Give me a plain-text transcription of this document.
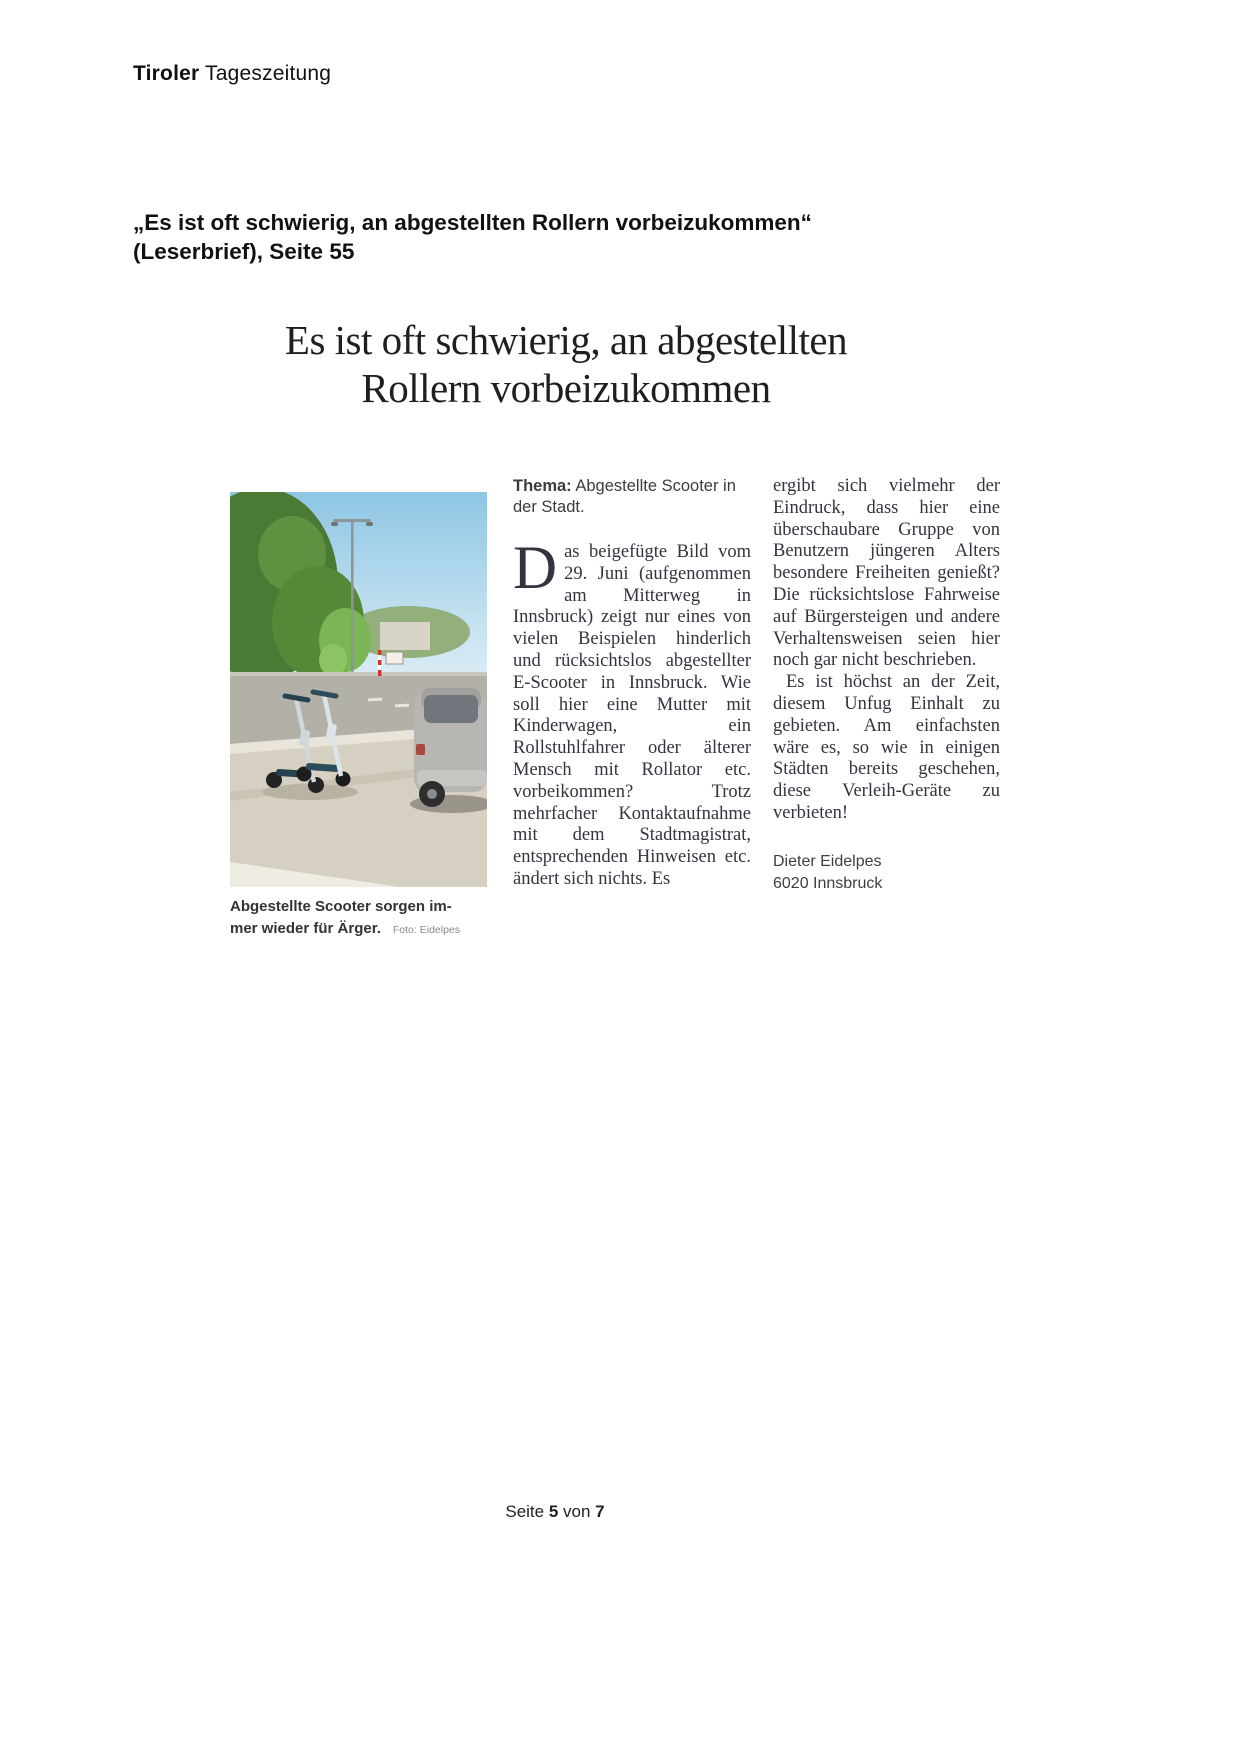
Tiroler Tageszeitung
„Es ist oft schwierig, an abgestellten Rollern vorbeizukommen“
(Leserbrief), Seite 55
Es ist oft schwierig, an abgestellten
Rollern vorbeizukommen
Abgestellte Scooter sorgen im-
mer wieder für Ärger. Foto: Eidelpes
Thema: Abgestellte Scooter in der Stadt.

Das beigefügte Bild vom 29. Juni (aufgenommen am Mitterweg in Innsbruck) zeigt nur eines von vielen Beispielen hinderlich und rücksichtslos abgestellter E-Scooter in Innsbruck. Wie soll hier eine Mutter mit Kinderwagen, ein Rollstuhlfahrer oder älterer Mensch mit Rollator etc. vorbeikommen? Trotz mehrfacher Kontaktaufnahme mit dem Stadtmagistrat, entsprechenden Hinweisen etc. ändert sich nichts. Es

ergibt sich vielmehr der Eindruck, dass hier eine überschaubare Gruppe von Benutzern jüngeren Alters besondere Freiheiten genießt? Die rücksichtslose Fahrweise auf Bürgersteigen und andere Verhaltensweisen seien hier noch gar nicht beschrieben.

Es ist höchst an der Zeit, diesem Unfug Einhalt zu gebieten. Am einfachsten wäre es, so wie in einigen Städten bereits geschehen, diese Verleih-Geräte zu verbieten!

Dieter Eidelpes
6020 Innsbruck
Seite 5 von 7
